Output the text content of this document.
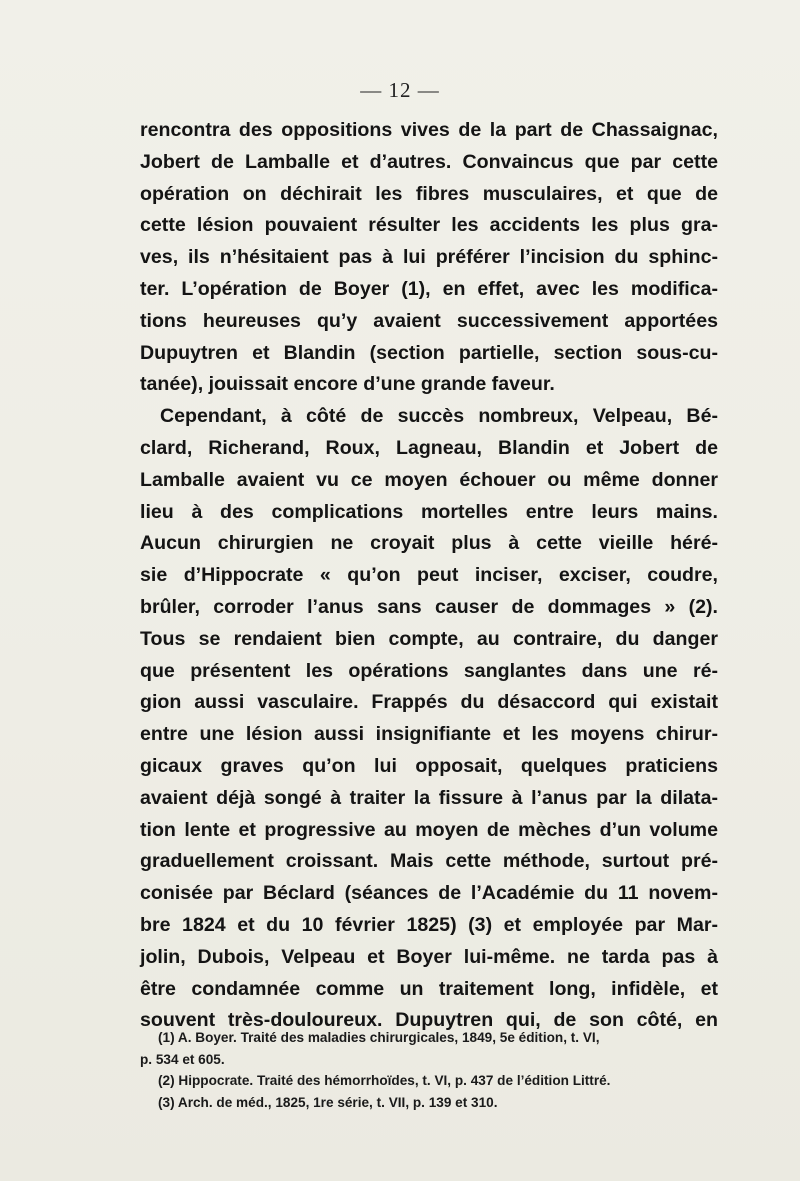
— 12 —
rencontra des oppositions vives de la part de Chassaignac,
Jobert de Lamballe et d’autres. Convaincus que par cette
opération on déchirait les fibres musculaires, et que de
cette lésion pouvaient résulter les accidents les plus gra-
ves, ils n’hésitaient pas à lui préférer l’incision du sphinc-
ter. L’opération de Boyer (1), en effet, avec les modifica-
tions heureuses qu’y avaient successivement apportées
Dupuytren et Blandin (section partielle, section sous-cu-
tanée), jouissait encore d’une grande faveur.
Cependant, à côté de succès nombreux, Velpeau, Bé-
clard, Richerand, Roux, Lagneau, Blandin et Jobert de
Lamballe avaient vu ce moyen échouer ou même donner
lieu à des complications mortelles entre leurs mains.
Aucun chirurgien ne croyait plus à cette vieille héré-
sie d’Hippocrate « qu’on peut inciser, exciser, coudre,
brûler, corroder l’anus sans causer de dommages » (2).
Tous se rendaient bien compte, au contraire, du danger
que présentent les opérations sanglantes dans une ré-
gion aussi vasculaire. Frappés du désaccord qui existait
entre une lésion aussi insignifiante et les moyens chirur-
gicaux graves qu’on lui opposait, quelques praticiens
avaient déjà songé à traiter la fissure à l’anus par la dilata-
tion lente et progressive au moyen de mèches d’un volume
graduellement croissant. Mais cette méthode, surtout pré-
conisée par Béclard (séances de l’Académie du 11 novem-
bre 1824 et du 10 février 1825) (3) et employée par Mar-
jolin, Dubois, Velpeau et Boyer lui-même. ne tarda pas à
être condamnée comme un traitement long, infidèle, et
souvent très-douloureux. Dupuytren qui, de son côté, en
(1) A. Boyer. Traité des maladies chirurgicales, 1849, 5e édition, t. VI,
p. 534 et 605.
(2) Hippocrate. Traité des hémorrhoïdes, t. VI, p. 437 de l’édition Littré.
(3) Arch. de méd., 1825, 1re série, t. VII, p. 139 et 310.
